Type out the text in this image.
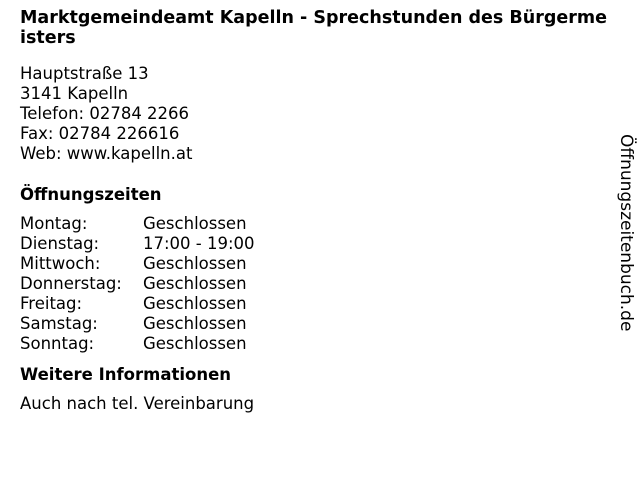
Marktgemeindeamt Kapelln - Sprechstunden des Bürgermeisters
Hauptstraße 13
3141 Kapelln
Telefon: 02784 2266
Fax: 02784 226616
Web: www.kapelln.at
Öffnungszeiten
Montag:	Geschlossen
Dienstag:	17:00 - 19:00
Mittwoch:	Geschlossen
Donnerstag:	Geschlossen
Freitag:	Geschlossen
Samstag:	Geschlossen
Sonntag:	Geschlossen
Weitere Informationen
Auch nach tel. Vereinbarung
Öffnungszeitenbuch.de
